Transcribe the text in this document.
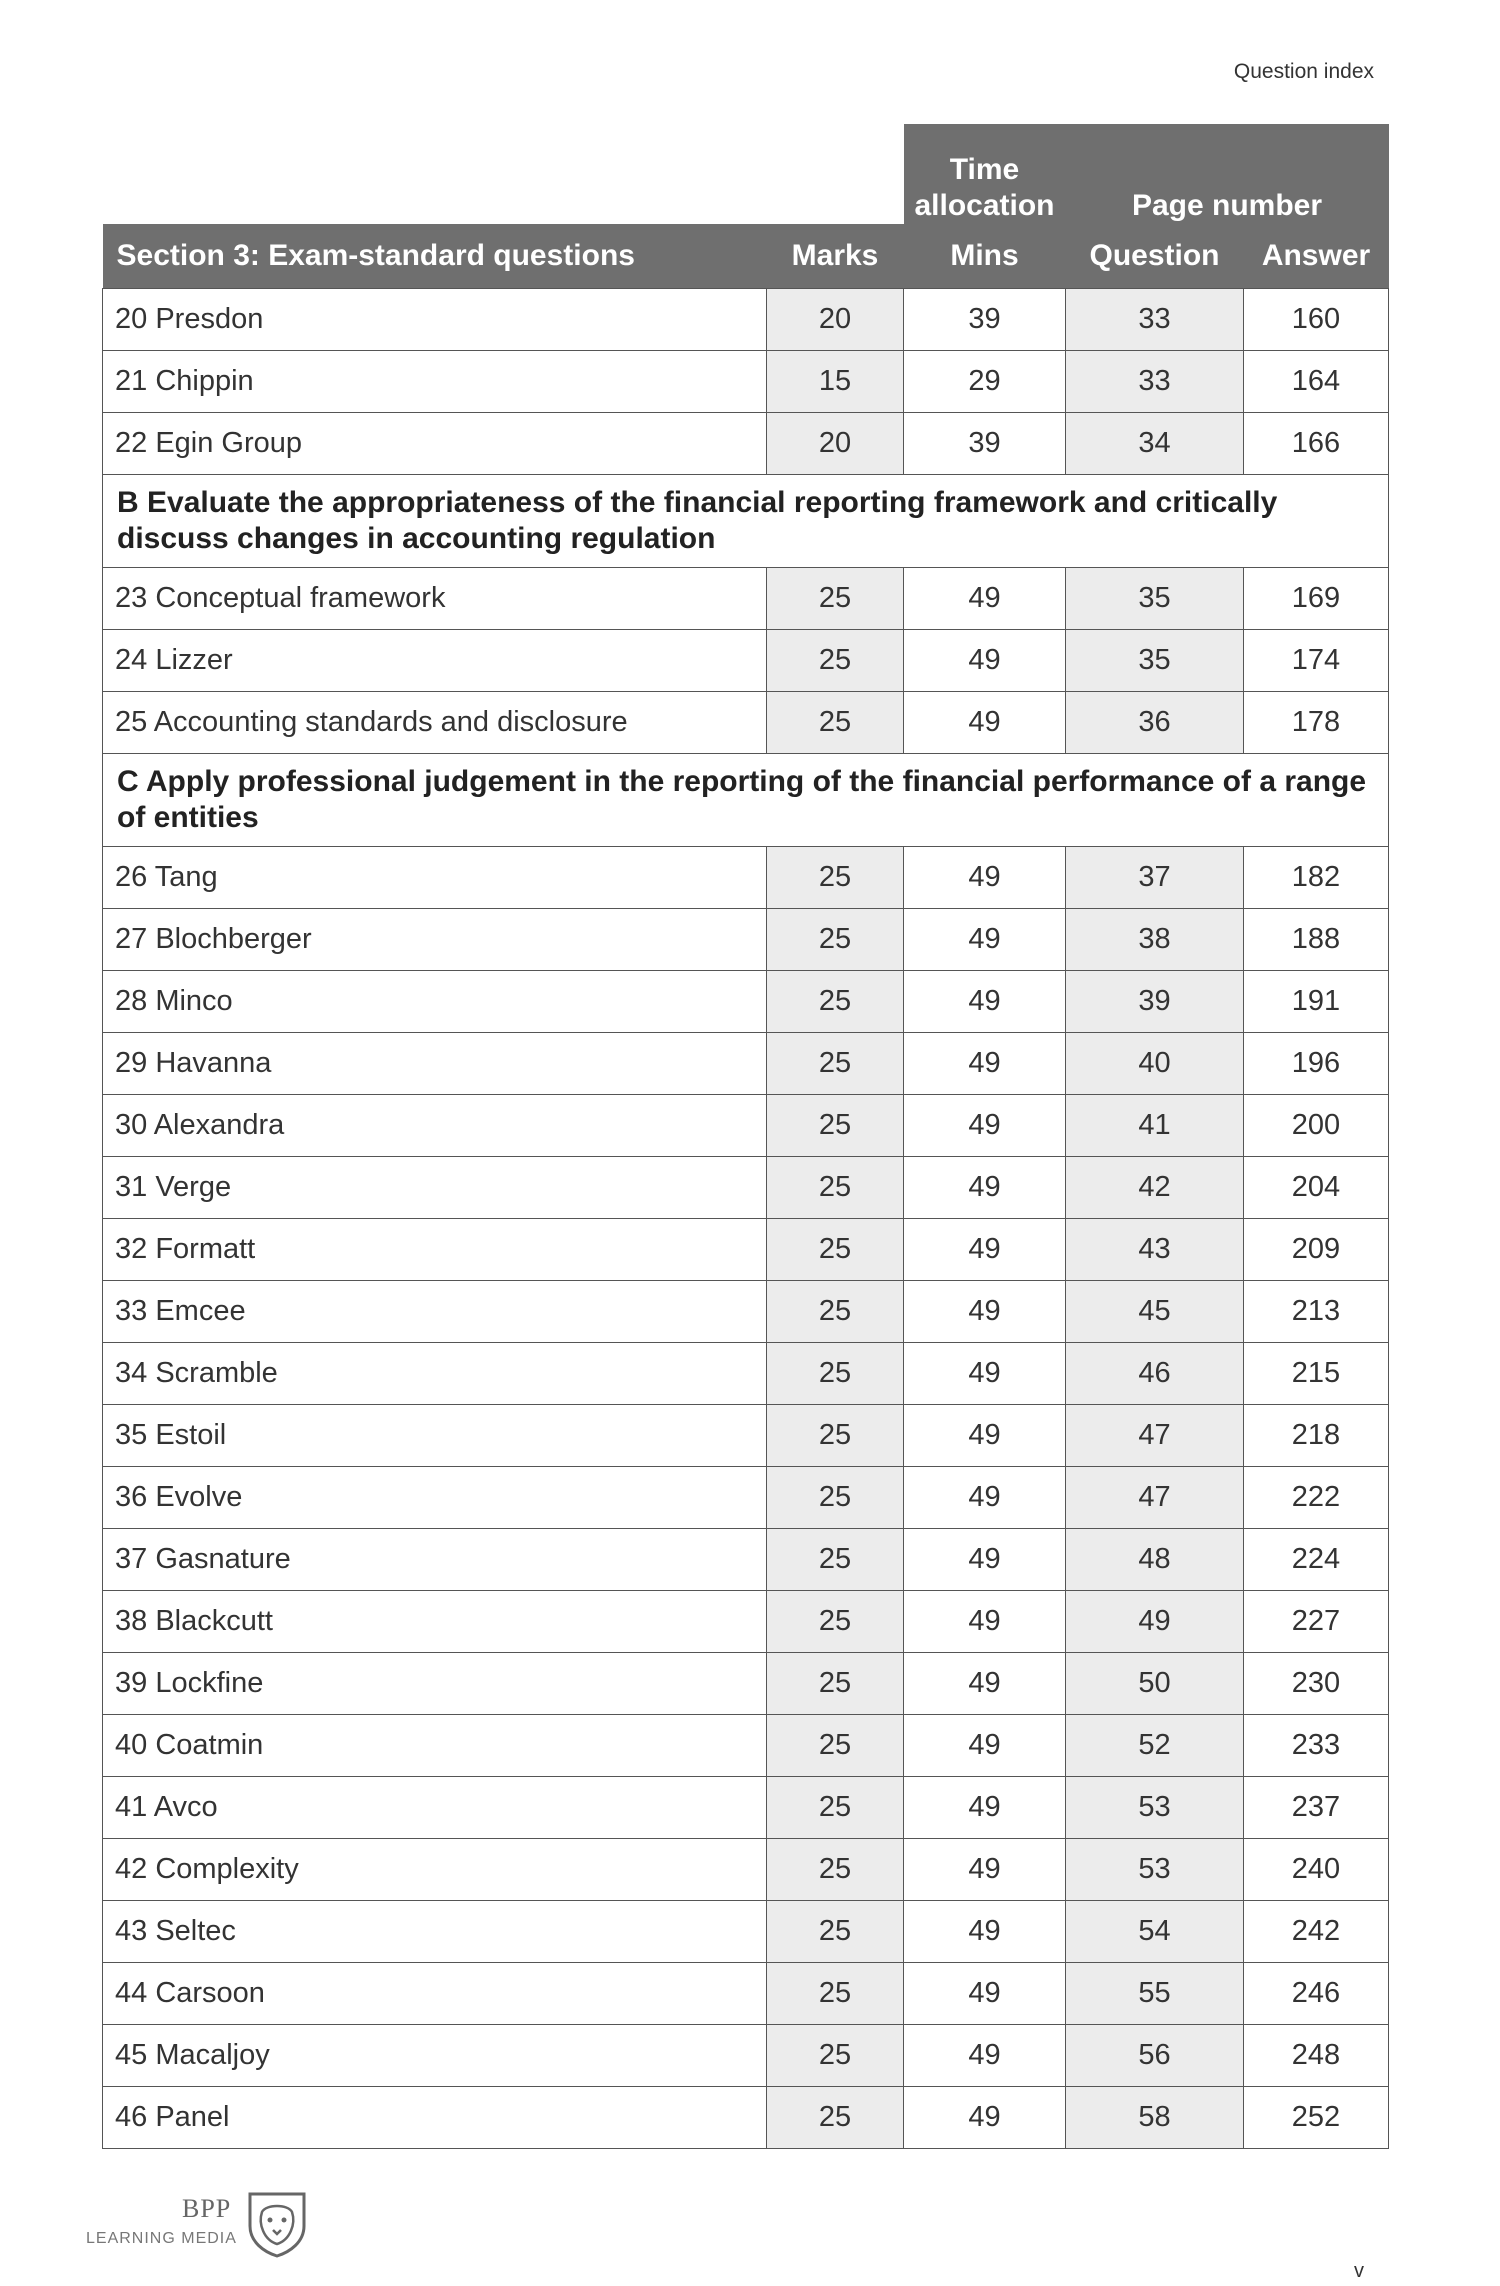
Question index
		Time allocation	Page number	
Section 3: Exam-standard questions	Marks	Mins	Question	Answer
20 Presdon	20	39	33	160
21 Chippin	15	29	33	164
22 Egin Group	20	39	34	166
B Evaluate the appropriateness of the financial reporting framework and critically discuss changes in accounting regulation				
23 Conceptual framework	25	49	35	169
24 Lizzer	25	49	35	174
25 Accounting standards and disclosure	25	49	36	178
C Apply professional judgement in the reporting of the financial performance of a range of entities				
26 Tang	25	49	37	182
27 Blochberger	25	49	38	188
28 Minco	25	49	39	191
29 Havanna	25	49	40	196
30 Alexandra	25	49	41	200
31 Verge	25	49	42	204
32 Formatt	25	49	43	209
33 Emcee	25	49	45	213
34 Scramble	25	49	46	215
35 Estoil	25	49	47	218
36 Evolve	25	49	47	222
37 Gasnature	25	49	48	224
38 Blackcutt	25	49	49	227
39 Lockfine	25	49	50	230
40 Coatmin	25	49	52	233
41 Avco	25	49	53	237
42 Complexity	25	49	53	240
43 Seltec	25	49	54	242
44 Carsoon	25	49	55	246
45 Macaljoy	25	49	56	248
46 Panel	25	49	58	252
BPP
LEARNING MEDIA
v
